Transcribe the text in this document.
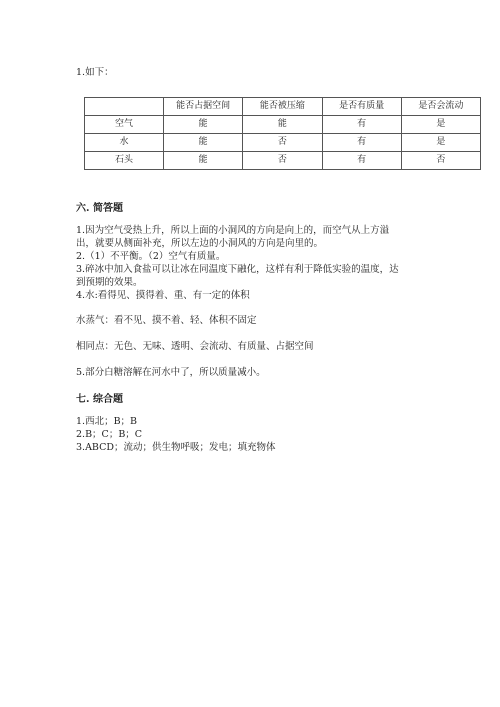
1.如下：
	能否占据空间	能否被压缩	是否有质量	是否会流动
空气	能	能	有	是
水	能	否	有	是
石头	能	否	有	否
六. 简答题
1.因为空气受热上升，所以上面的小洞风的方向是向上的，而空气从上方溢
出，就要从侧面补充，所以左边的小洞风的方向是向里的。
2.（1）不平衡。（2）空气有质量。
3.碎冰中加入食盐可以让冰在同温度下融化，这样有利于降低实验的温度，达
到预期的效果。
4.水:看得见、摸得着、重、有一定的体积
水蒸气：看不见、摸不着、轻、体积不固定
相同点：无色、无味、透明、会流动、有质量、占据空间
5.部分白糖溶解在河水中了，所以质量减小。
七. 综合题
1.西北；B；B
2.B；C；B；C
3.ABCD；流动；供生物呼吸；发电；填充物体
